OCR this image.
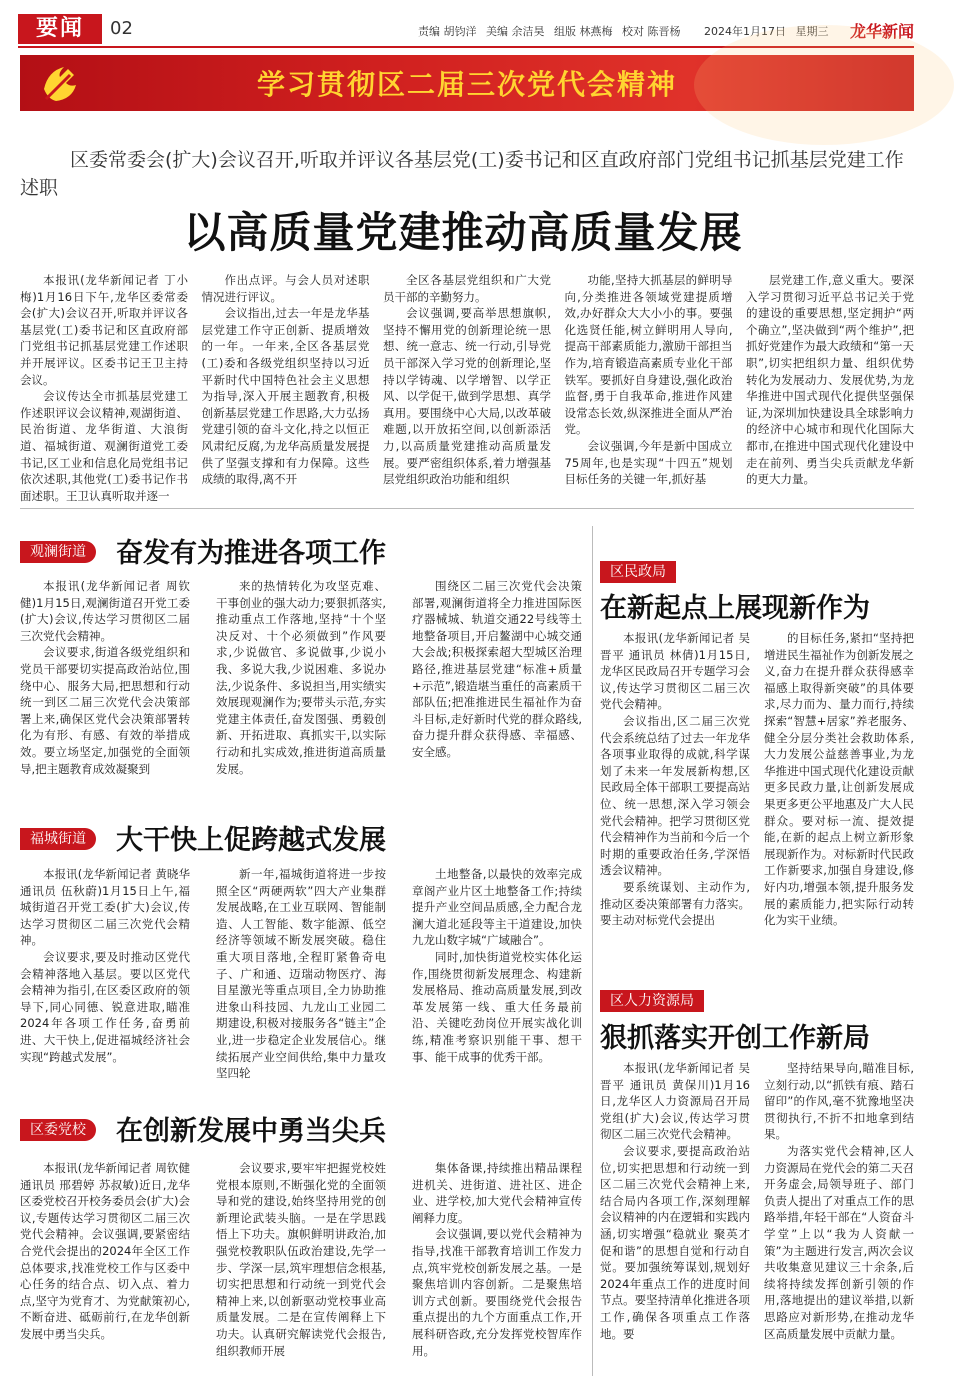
要闻	02	责编 胡钧洋 美编 余洁昊 组版 林燕梅 校对 陈晋杨 2024年1月17日 星期三	龙华新闻
学习贯彻区二届三次党代会精神
区委常委会(扩大)会议召开,听取并评议各基层党(工)委书记和区直政府部门党组书记抓基层党建工作述职
以高质量党建推动高质量发展

本报讯(龙华新闻记者 丁小梅)1月16日下午,龙华区委常委会(扩大)会议召开,听取并评议各基层党(工)委书记和区直政府部门党组书记抓基层党建工作述职并开展评议。区委书记王卫主持会议。

会议传达全市抓基层党建工作述职评议会议精神,观湖街道、民治街道、龙华街道、大浪街道、福城街道、观澜街道党工委书记,区工业和信息化局党组书记依次述职,其他党(工)委书记作书面述职。王卫认真听取并逐一

作出点评。与会人员对述职情况进行评议。

会议指出,过去一年是龙华基层党建工作守正创新、提质增效的一年。一年来,全区各基层党(工)委和各级党组织坚持以习近平新时代中国特色社会主义思想为指导,深入开展主题教育,积极创新基层党建工作思路,大力弘扬党建引领的奋斗文化,持之以恒正风肃纪反腐,为龙华高质量发展提供了坚强支撑和有力保障。这些成绩的取得,离不开

全区各基层党组织和广大党员干部的辛勤努力。

会议强调,要高举思想旗帜,坚持不懈用党的创新理论统一思想、统一意志、统一行动,引导党员干部深入学习党的创新理论,坚持以学铸魂、以学增智、以学正风、以学促干,做到学思想、真学真用。要围绕中心大局,以改革破难题,以开放拓空间,以创新添活力,以高质量党建推动高质量发展。要严密组织体系,着力增强基层党组织政治功能和组织

功能,坚持大抓基层的鲜明导向,分类推进各领域党建提质增效,办好群众大大小小的事。要强化选贤任能,树立鲜明用人导向,提高干部素质能力,激励干部担当作为,培育锻造高素质专业化干部铁军。要抓好自身建设,强化政治监督,勇于自我革命,推进作风建设常态长效,纵深推进全面从严治党。

会议强调,今年是新中国成立75周年,也是实现“十四五”规划目标任务的关键一年,抓好基

层党建工作,意义重大。要深入学习贯彻习近平总书记关于党的建设的重要思想,坚定拥护“两个确立”,坚决做到“两个维护”,把抓好党建作为最大政绩和“第一天职”,切实把组织力量、组织优势转化为发展动力、发展优势,为龙华推进中国式现代化提供坚强保证,为深圳加快建设具全球影响力的经济中心城市和现代化国际大都市,在推进中国式现代化建设中走在前列、勇当尖兵贡献龙华新的更大力量。

观澜街道	奋发有为推进各项工作

本报讯(龙华新闻记者 周钦健)1月15日,观澜街道召开党工委(扩大)会议,传达学习贯彻区二届三次党代会精神。

会议要求,街道各级党组织和党员干部要切实提高政治站位,围绕中心、服务大局,把思想和行动统一到区二届三次党代会决策部署上来,确保区党代会决策部署转化为有形、有感、有效的举措成效。要立场坚定,加强党的全面领导,把主题教育成效凝聚到

来的热情转化为攻坚克难、干事创业的强大动力;要狠抓落实,推动重点工作落地,坚持“十个坚决反对、十个必须做到”作风要求,少说做官、多说做事,少说小我、多说大我,少说困难、多说办法,少说条件、多说担当,用实绩实效展现观澜作为;要带头示范,夯实党建主体责任,奋发图强、勇毅创新、开拓进取、真抓实干,以实际行动和扎实成效,推进街道高质量发展。

围绕区二届三次党代会决策部署,观澜街道将全力推进国际医疗器械城、轨道交通22号线等土地整备项目,开启鳌湖中心城交通大会战;积极探索超大型城区治理路径,推进基层党建“标准+质量+示范”,锻造堪当重任的高素质干部队伍;把准推进民生福祉作为奋斗目标,走好新时代党的群众路线,奋力提升群众获得感、幸福感、安全感。

福城街道	大干快上促跨越式发展

本报讯(龙华新闻记者 黄晓华 通讯员 伍秋蔚)1月15日上午,福城街道召开党工委(扩大)会议,传达学习贯彻区二届三次党代会精神。

会议要求,要及时推动区党代会精神落地入基层。要以区党代会精神为指引,在区委区政府的领导下,同心同德、锐意进取,瞄准2024年各项工作任务,奋勇前进、大干快上,促进福城经济社会实现“跨越式发展”。

新一年,福城街道将进一步按照全区“两硬两软”四大产业集群发展战略,在工业互联网、智能制造、人工智能、数字能源、低空经济等领域不断发展突破。稳住重大项目落地,全程盯紧鲁奇电子、广和通、迈瑞动物医疗、海目星激光等重点项目,全力协助推进象山科技园、九龙山工业园二期建设,积极对接服务各“链主”企业,进一步稳定企业发展信心。继续拓展产业空间供给,集中力量攻坚四轮

土地整备,以最快的效率完成章阁产业片区土地整备工作;持续提升产业空间品质感,全力配合龙澜大道北延段等主干道建设,加快九龙山数字城“广域融合”。

同时,加快街道党校实体化运作,围绕贯彻新发展理念、构建新发展格局、推动高质量发展,到改革发展第一线、重大任务最前沿、关键吃劲岗位开展实战化训练,精准考察识别能干事、想干事、能干成事的优秀干部。

区委党校	在创新发展中勇当尖兵

本报讯(龙华新闻记者 周钦健 通讯员 邢碧婷 苏叔敏)近日,龙华区委党校召开校务委员会(扩大)会议,专题传达学习贯彻区二届三次党代会精神。会议强调,要紧密结合党代会提出的2024年全区工作总体要求,找准党校工作与区委中心任务的结合点、切入点、着力点,坚守为党育才、为党献策初心,不断奋进、砥砺前行,在龙华创新发展中勇当尖兵。

会议要求,要牢牢把握党校姓党根本原则,不断强化党的全面领导和党的建设,始终坚持用党的创新理论武装头脑。一是在学思践悟上下功夫。旗帜鲜明讲政治,加强党校教职队伍政治建设,先学一步、学深一层,筑牢理想信念根基,切实把思想和行动统一到党代会精神上来,以创新驱动党校事业高质量发展。二是在宣传阐释上下功夫。认真研究解读党代会报告,组织教师开展

集体备课,持续推出精品课程进机关、进街道、进社区、进企业、进学校,加大党代会精神宣传阐释力度。

会议强调,要以党代会精神为指导,找准干部教育培训工作发力点,筑牢党校创新发展之基。一是聚焦培训内容创新。二是聚焦培训方式创新。要围绕党代会报告重点提出的九个方面重点工作,开展科研咨政,充分发挥党校智库作用。

区民政局
在新起点上展现新作为

本报讯(龙华新闻记者 吴晋平 通讯员 林倩)1月15日,龙华区民政局召开专题学习会议,传达学习贯彻区二届三次党代会精神。

会议指出,区二届三次党代会系统总结了过去一年龙华各项事业取得的成就,科学谋划了未来一年发展新构想,区民政局全体干部职工要提高站位、统一思想,深入学习领会党代会精神。把学习贯彻区党代会精神作为当前和今后一个时期的重要政治任务,学深悟透会议精神。

要系统谋划、主动作为,推动区委决策部署有力落实。要主动对标党代会提出

的目标任务,紧扣“坚持把增进民生福祉作为创新发展之义,奋力在提升群众获得感幸福感上取得新突破”的具体要求,尽力而为、量力而行,持续探索“智慧+居家”养老服务、健全分层分类社会救助体系,大力发展公益慈善事业,为龙华推进中国式现代化建设贡献更多民政力量,让创新发展成果更多更公平地惠及广大人民群众。要对标一流、提效提能,在新的起点上树立新形象展现新作为。对标新时代民政工作新要求,加强自身建设,修好内功,增强本领,提升服务发展的素质能力,把实际行动转化为实干业绩。

区人力资源局
狠抓落实开创工作新局

本报讯(龙华新闻记者 吴晋平 通讯员 黄保川)1月16日,龙华区人力资源局召开局党组(扩大)会议,传达学习贯彻区二届三次党代会精神。

会议要求,要提高政治站位,切实把思想和行动统一到区二届三次党代会精神上来,结合局内各项工作,深刻理解会议精神的内在逻辑和实践内涵,切实增强“稳就业 聚英才 促和谐”的思想自觉和行动自觉。要加强统筹谋划,规划好2024年重点工作的进度时间节点。要坚持清单化推进各项工作,确保各项重点工作落地。要

坚持结果导向,瞄准目标,立刻行动,以“抓铁有痕、踏石留印”的作风,毫不犹豫地坚决贯彻执行,不折不扣地拿到结果。

为落实党代会精神,区人力资源局在党代会的第二天召开务虚会,局领导班子、部门负责人提出了对重点工作的思路举措,年轻干部在“人资奋斗学堂”上以“我为人资献一策”为主题进行发言,两次会议共收集意见建议三十余条,后续将持续发挥创新引领的作用,落地提出的建议举措,以新思路应对新形势,在推动龙华区高质量发展中贡献力量。
